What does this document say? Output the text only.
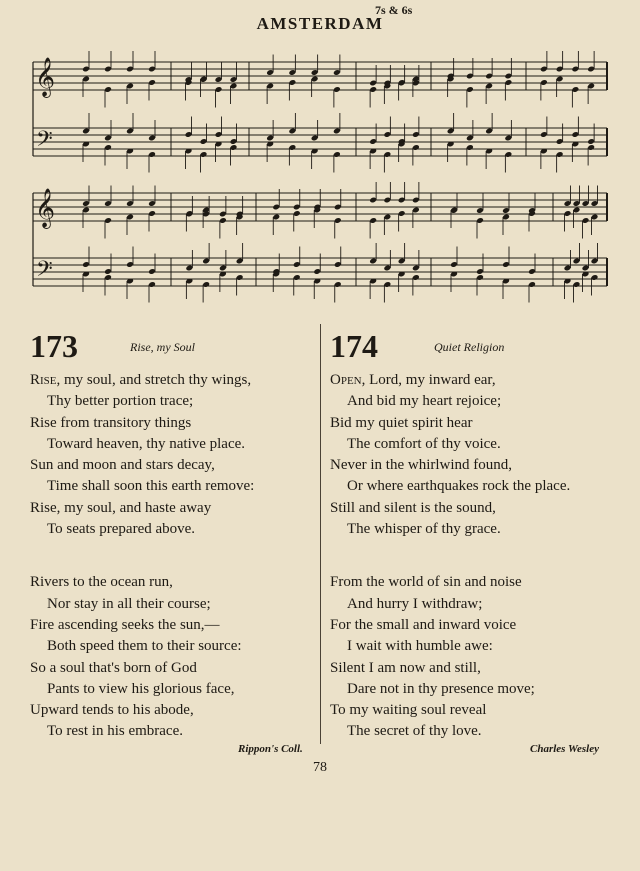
AMSTERDAM
7s & 6s
𝄞
𝄢
𝄞
𝄢
173	Rise, my Soul
Rise, my soul, and stretch thy wings,
Thy better portion trace;
Rise from transitory things
Toward heaven, thy native place.
Sun and moon and stars decay,
Time shall soon this earth remove:
Rise, my soul, and haste away
To seats prepared above.
Rivers to the ocean run,
Nor stay in all their course;
Fire ascending seeks the sun,—
Both speed them to their source:
So a soul that's born of God
Pants to view his glorious face,
Upward tends to his abode,
To rest in his embrace.
174	Quiet Religion
Open, Lord, my inward ear,
And bid my heart rejoice;
Bid my quiet spirit hear
The comfort of thy voice.
Never in the whirlwind found,
Or where earthquakes rock the place.
Still and silent is the sound,
The whisper of thy grace.
From the world of sin and noise
And hurry I withdraw;
For the small and inward voice
I wait with humble awe:
Silent I am now and still,
Dare not in thy presence move;
To my waiting soul reveal
The secret of thy love.
Rippon's Coll.	Charles Wesley
78
